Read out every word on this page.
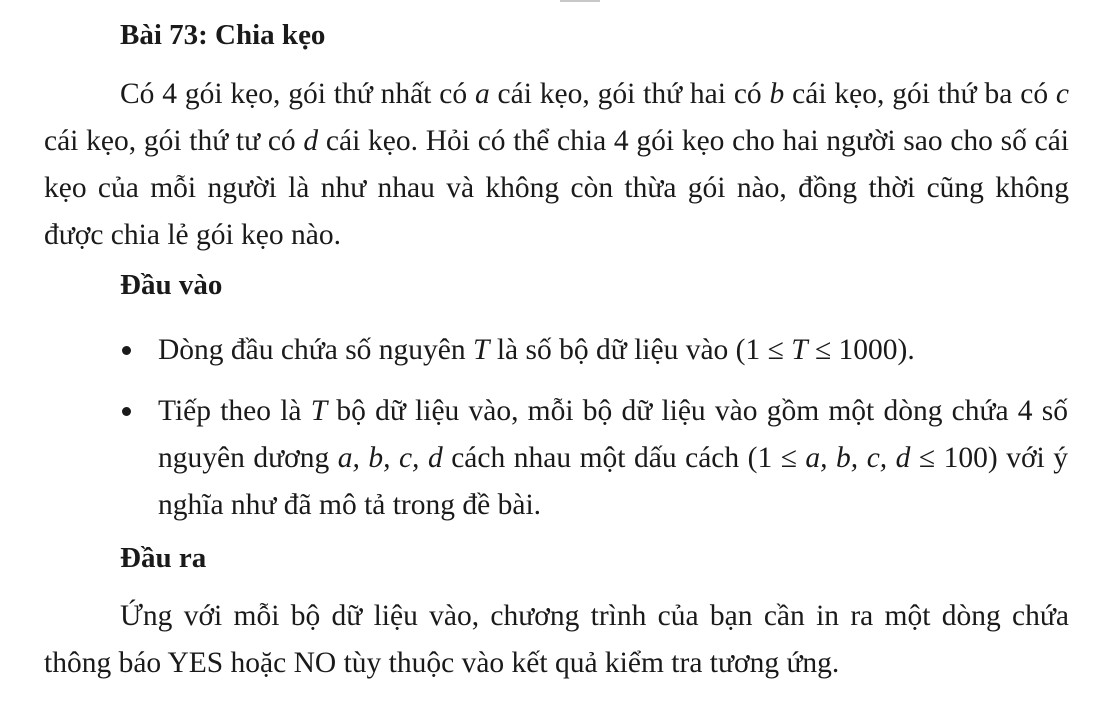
Bài 73: Chia kẹo

Có 4 gói kẹo, gói thứ nhất có a cái kẹo, gói thứ hai có b cái kẹo, gói thứ ba có c cái kẹo, gói thứ tư có d cái kẹo. Hỏi có thể chia 4 gói kẹo cho hai người sao cho số cái kẹo của mỗi người là như nhau và không còn thừa gói nào, đồng thời cũng không được chia lẻ gói kẹo nào.

Đầu vào
Dòng đầu chứa số nguyên T là số bộ dữ liệu vào (1 ≤ T ≤ 1000).
Tiếp theo là T bộ dữ liệu vào, mỗi bộ dữ liệu vào gồm một dòng chứa 4 số nguyên dương a, b, c, d cách nhau một dấu cách (1 ≤ a, b, c, d ≤ 100) với ý nghĩa như đã mô tả trong đề bài.
Đầu ra

Ứng với mỗi bộ dữ liệu vào, chương trình của bạn cần in ra một dòng chứa thông báo YES hoặc NO tùy thuộc vào kết quả kiểm tra tương ứng.
